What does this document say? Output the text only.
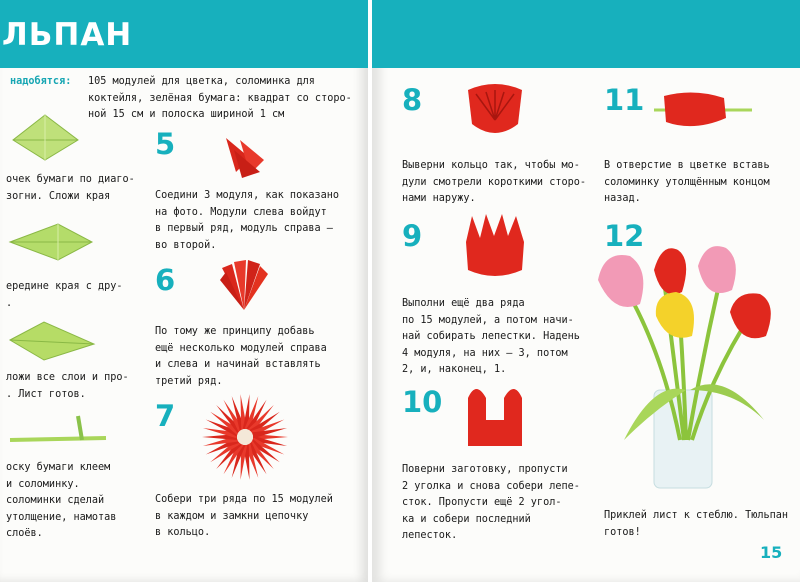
ЛЬПАН
надобятся: 105 модулей для цветка, соломинка для
коктейля, зелёная бумага: квадрат со сторо-
ной 15 см и полоска шириной 1 см
очек бумаги по диаго-
зогни. Сложи края
ередине края с дру-
.
ложи все слои и про-
. Лист готов.
оску бумаги клеем
и соломинку.
соломинки сделай
утолщение, намотав
слоёв.
5
Соедини 3 модуля, как показано
на фото. Модули слева войдут
в первый ряд, модуль справа —
во второй.
6
По тому же принципу добавь
ещё несколько модулей справа
и слева и начинай вставлять
третий ряд.
7
Собери три ряда по 15 модулей
в каждом и замкни цепочку
в кольцо.
8
Выверни кольцо так, чтобы мо-
дули смотрели короткими сторо-
нами наружу.
9
Выполни ещё два ряда
по 15 модулей, а потом начи-
най собирать лепестки. Надень
4 модуля, на них — 3, потом
2, и, наконец, 1.
10
Поверни заготовку, пропусти
2 уголка и снова собери лепе-
сток. Пропусти ещё 2 угол-
ка и собери последний
лепесток.
11
В отверстие в цветке вставь
соломинку утолщённым концом
назад.
12
Приклей лист к стеблю. Тюльпан
готов!
15
